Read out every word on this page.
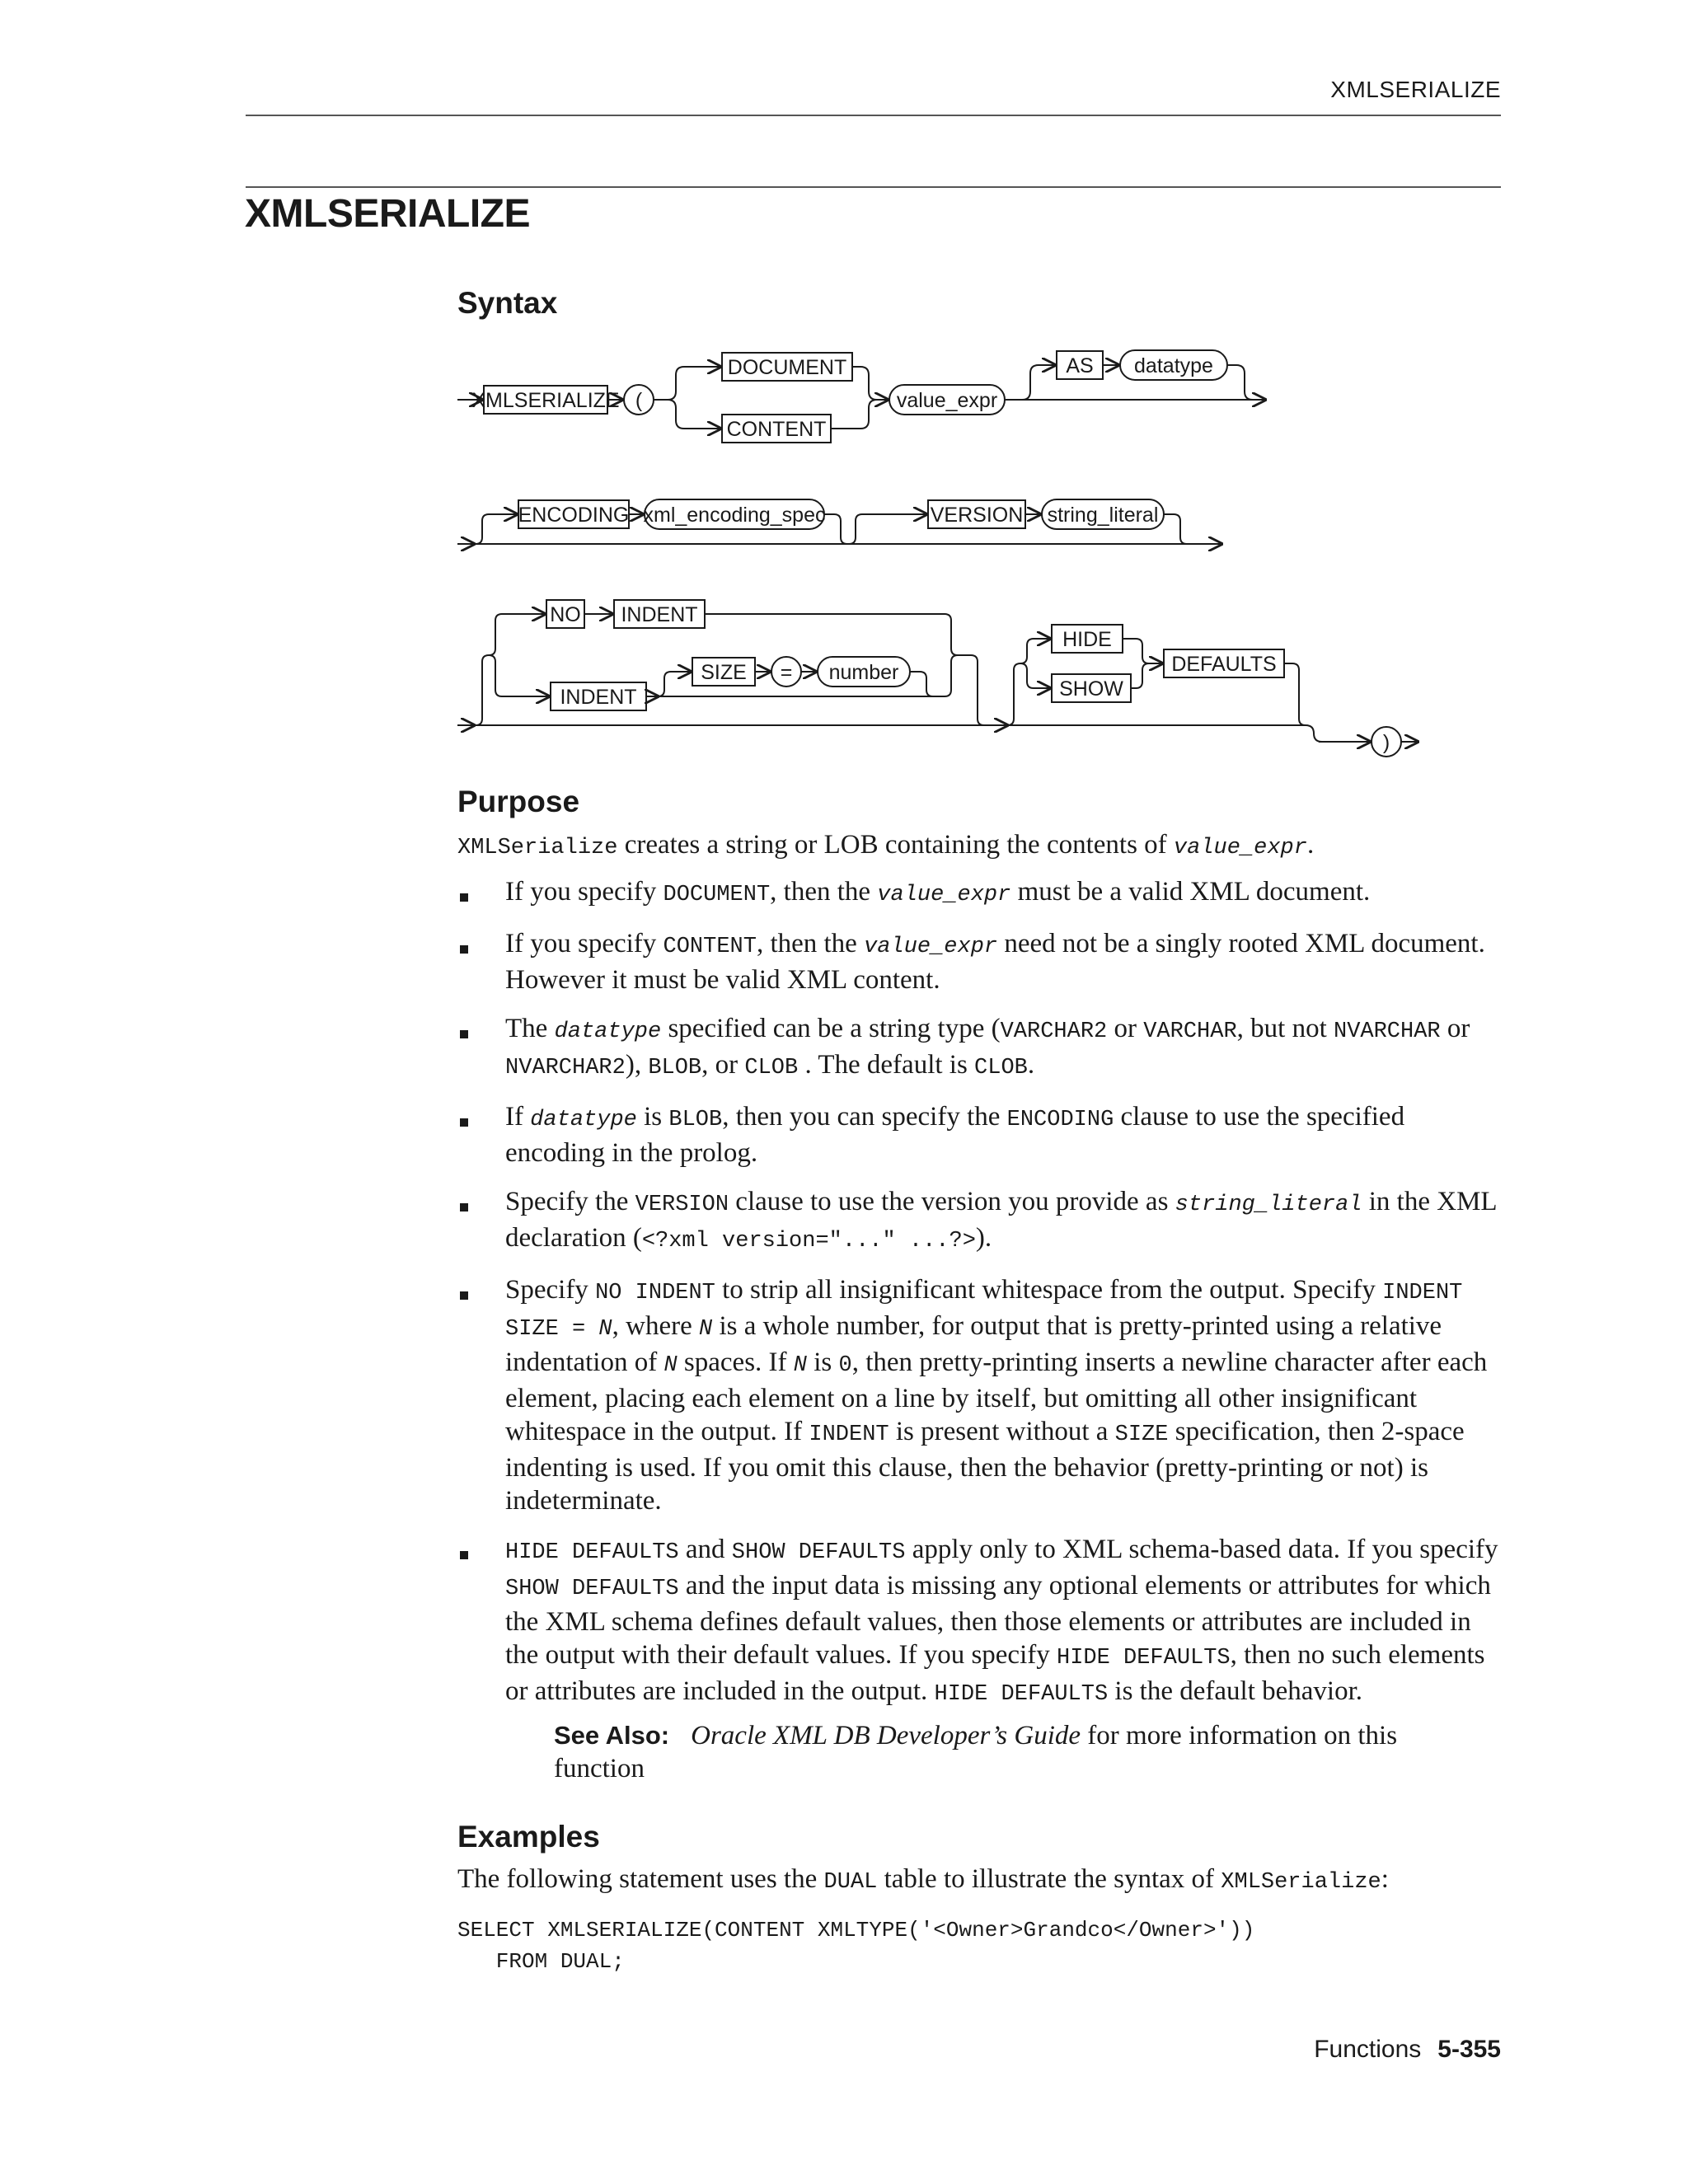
XMLSERIALIZE
XMLSERIALIZE
Syntax
XMLSERIALIZE (
DOCUMENT
CONTENT
value_expr
AS datatype
ENCODING xml_encoding_spec	VERSION string_literal
NO INDENT
INDENT
SIZE = number
HIDE
SHOW
DEFAULTS
)
Purpose

XMLSerialize creates a string or LOB containing the contents of value_expr.

If you specify DOCUMENT, then the value_expr must be a valid XML document.
If you specify CONTENT, then the value_expr need not be a singly rooted XML document. However it must be valid XML content.
The datatype specified can be a string type (VARCHAR2 or VARCHAR, but not NVARCHAR or NVARCHAR2), BLOB, or CLOB . The default is CLOB.
If datatype is BLOB, then you can specify the ENCODING clause to use the specified encoding in the prolog.
Specify the VERSION clause to use the version you provide as string_literal in the XML declaration (<?xml version="..." ...?>).
Specify NO INDENT to strip all insignificant whitespace from the output. Specify INDENT SIZE = N, where N is a whole number, for output that is pretty-printed using a relative indentation of N spaces. If N is 0, then pretty-printing inserts a newline character after each element, placing each element on a line by itself, but omitting all other insignificant whitespace in the output. If INDENT is present without a SIZE specification, then 2-space indenting is used. If you omit this clause, then the behavior (pretty-printing or not) is indeterminate.
HIDE DEFAULTS and SHOW DEFAULTS apply only to XML schema-based data. If you specify SHOW DEFAULTS and the input data is missing any optional elements or attributes for which the XML schema defines default values, then those elements or attributes are included in the output with their default values. If you specify HIDE DEFAULTS, then no such elements or attributes are included in the output. HIDE DEFAULTS is the default behavior.
See Also: Oracle XML DB Developer’s Guide for more information on this function
Examples

The following statement uses the DUAL table to illustrate the syntax of XMLSerialize:

SELECT XMLSERIALIZE(CONTENT XMLTYPE('<Owner>Grandco</Owner>'))
FROM DUAL;
Functions 5-355
